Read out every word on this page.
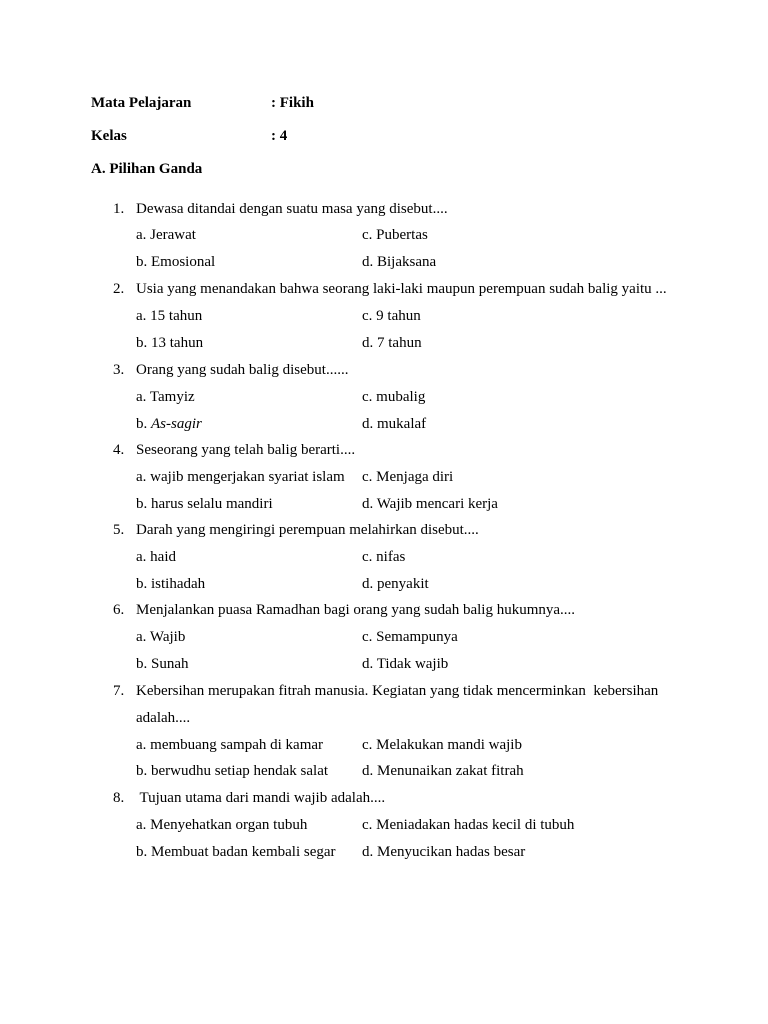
Mata Pelajaran	: Fikih
Kelas	: 4
A. Pilihan Ganda
1. Dewasa ditandai dengan suatu masa yang disebut....
a. Jerawat	c. Pubertas
b. Emosional	d. Bijaksana
2. Usia yang menandakan bahwa seorang laki-laki maupun perempuan sudah balig yaitu ...
a. 15 tahun	c. 9 tahun
b. 13 tahun	d. 7 tahun
3. Orang yang sudah balig disebut......
a. Tamyiz	c. mubalig
b. As-sagir	d. mukalaf
4. Seseorang yang telah balig berarti....
a. wajib mengerjakan syariat islam c. Menjaga diri
b. harus selalu mandiri	d. Wajib mencari kerja
5. Darah yang mengiringi perempuan melahirkan disebut....
a. haid	c. nifas
b. istihadah	d. penyakit
6. Menjalankan puasa Ramadhan bagi orang yang sudah balig hukumnya....
a. Wajib	c. Semampunya
b. Sunah	d. Tidak wajib
7. Kebersihan merupakan fitrah manusia. Kegiatan yang tidak mencerminkan  kebersihan
adalah....
a. membuang sampah di kamar	c. Melakukan mandi wajib
b. berwudhu setiap hendak salat d. Menunaikan zakat fitrah
8. Tujuan utama dari mandi wajib adalah....
a. Menyehatkan organ tubuh	c. Meniadakan hadas kecil di tubuh
b. Membuat badan kembali segar d. Menyucikan hadas besar
